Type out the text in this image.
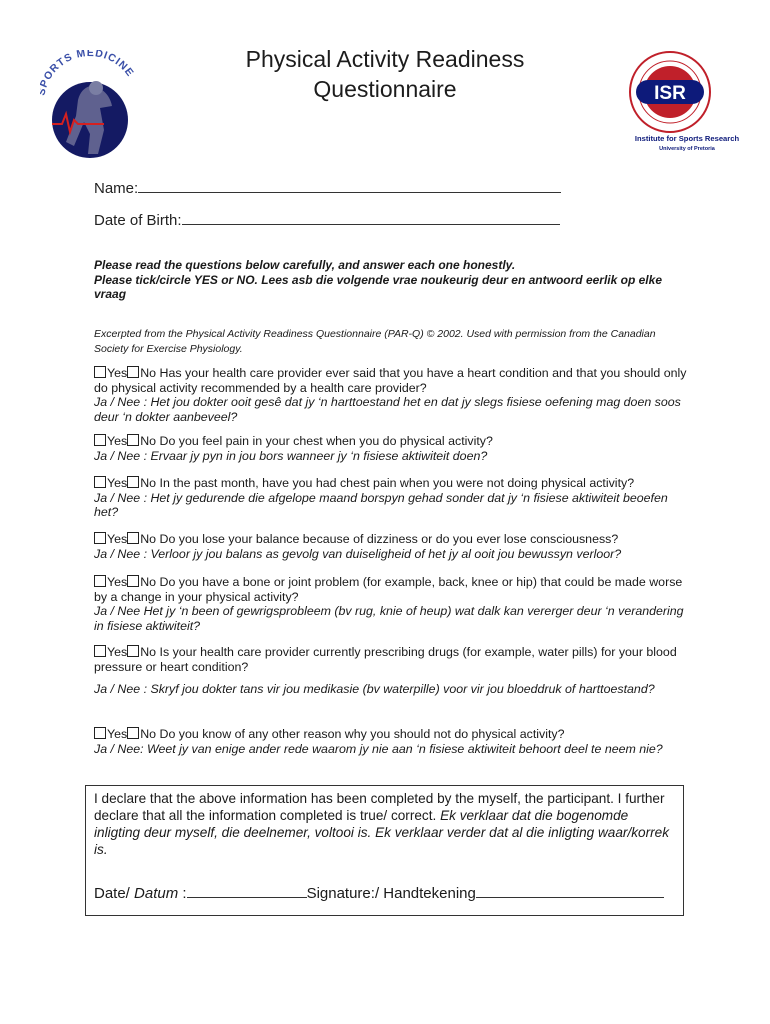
ORTS MEDICINE
Physical Activity Readiness
Questionnaire	ISR
Institute for Sports Research
University of Pretoria
Name:
Date of Birth:
Please read the questions below carefully, and answer each one honestly.
Please tick/circle YES or NO. Lees asb die volgende vrae noukeurig deur en antwoord eerlik op elke vraag
Excerpted from the Physical Activity Readiness Questionnaire (PAR-Q) © 2002. Used with permission from the Canadian Society for Exercise Physiology.
Yes No Has your health care provider ever said that you have a heart condition and that you should only do physical activity recommended by a health care provider?
Ja / Nee : Het jou dokter ooit gesê dat jy ‘n harttoestand het en dat jy slegs fisiese oefening mag doen soos deur ‘n dokter aanbeveel?
Yes No Do you feel pain in your chest when you do physical activity?
Ja / Nee : Ervaar jy pyn in jou bors wanneer jy ‘n fisiese aktiwiteit doen?
Yes No In the past month, have you had chest pain when you were not doing physical activity?
Ja / Nee : Het jy gedurende die afgelope maand borspyn gehad sonder dat jy ‘n fisiese aktiwiteit beoefen het?
Yes No Do you lose your balance because of dizziness or do you ever lose consciousness?
Ja / Nee : Verloor jy jou balans as gevolg van duiseligheid of het jy al ooit jou bewussyn verloor?
Yes No Do you have a bone or joint problem (for example, back, knee or hip) that could be made worse by a change in your physical activity?
Ja / Nee Het jy ‘n been of gewrigsprobleem (bv rug, knie of heup) wat dalk kan vererger deur ‘n verandering in fisiese aktiwiteit?
Yes No Is your health care provider currently prescribing drugs (for example, water pills) for your blood pressure or heart condition?
Ja / Nee : Skryf jou dokter tans vir jou medikasie (bv waterpille) voor vir jou bloeddruk of harttoestand?
Yes No Do you know of any other reason why you should not do physical activity?
Ja / Nee: Weet jy van enige ander rede waarom jy nie aan ‘n fisiese aktiwiteit behoort deel te neem nie?
I declare that the above information has been completed by the myself, the participant. I further declare that all the information completed is true/ correct. Ek verklaar dat die bogenomde inligting deur myself, die deelnemer, voltooi is. Ek verklaar verder dat al die inligting waar/korrek is.
Date/ Datum :	Signature:/ Handtekening
